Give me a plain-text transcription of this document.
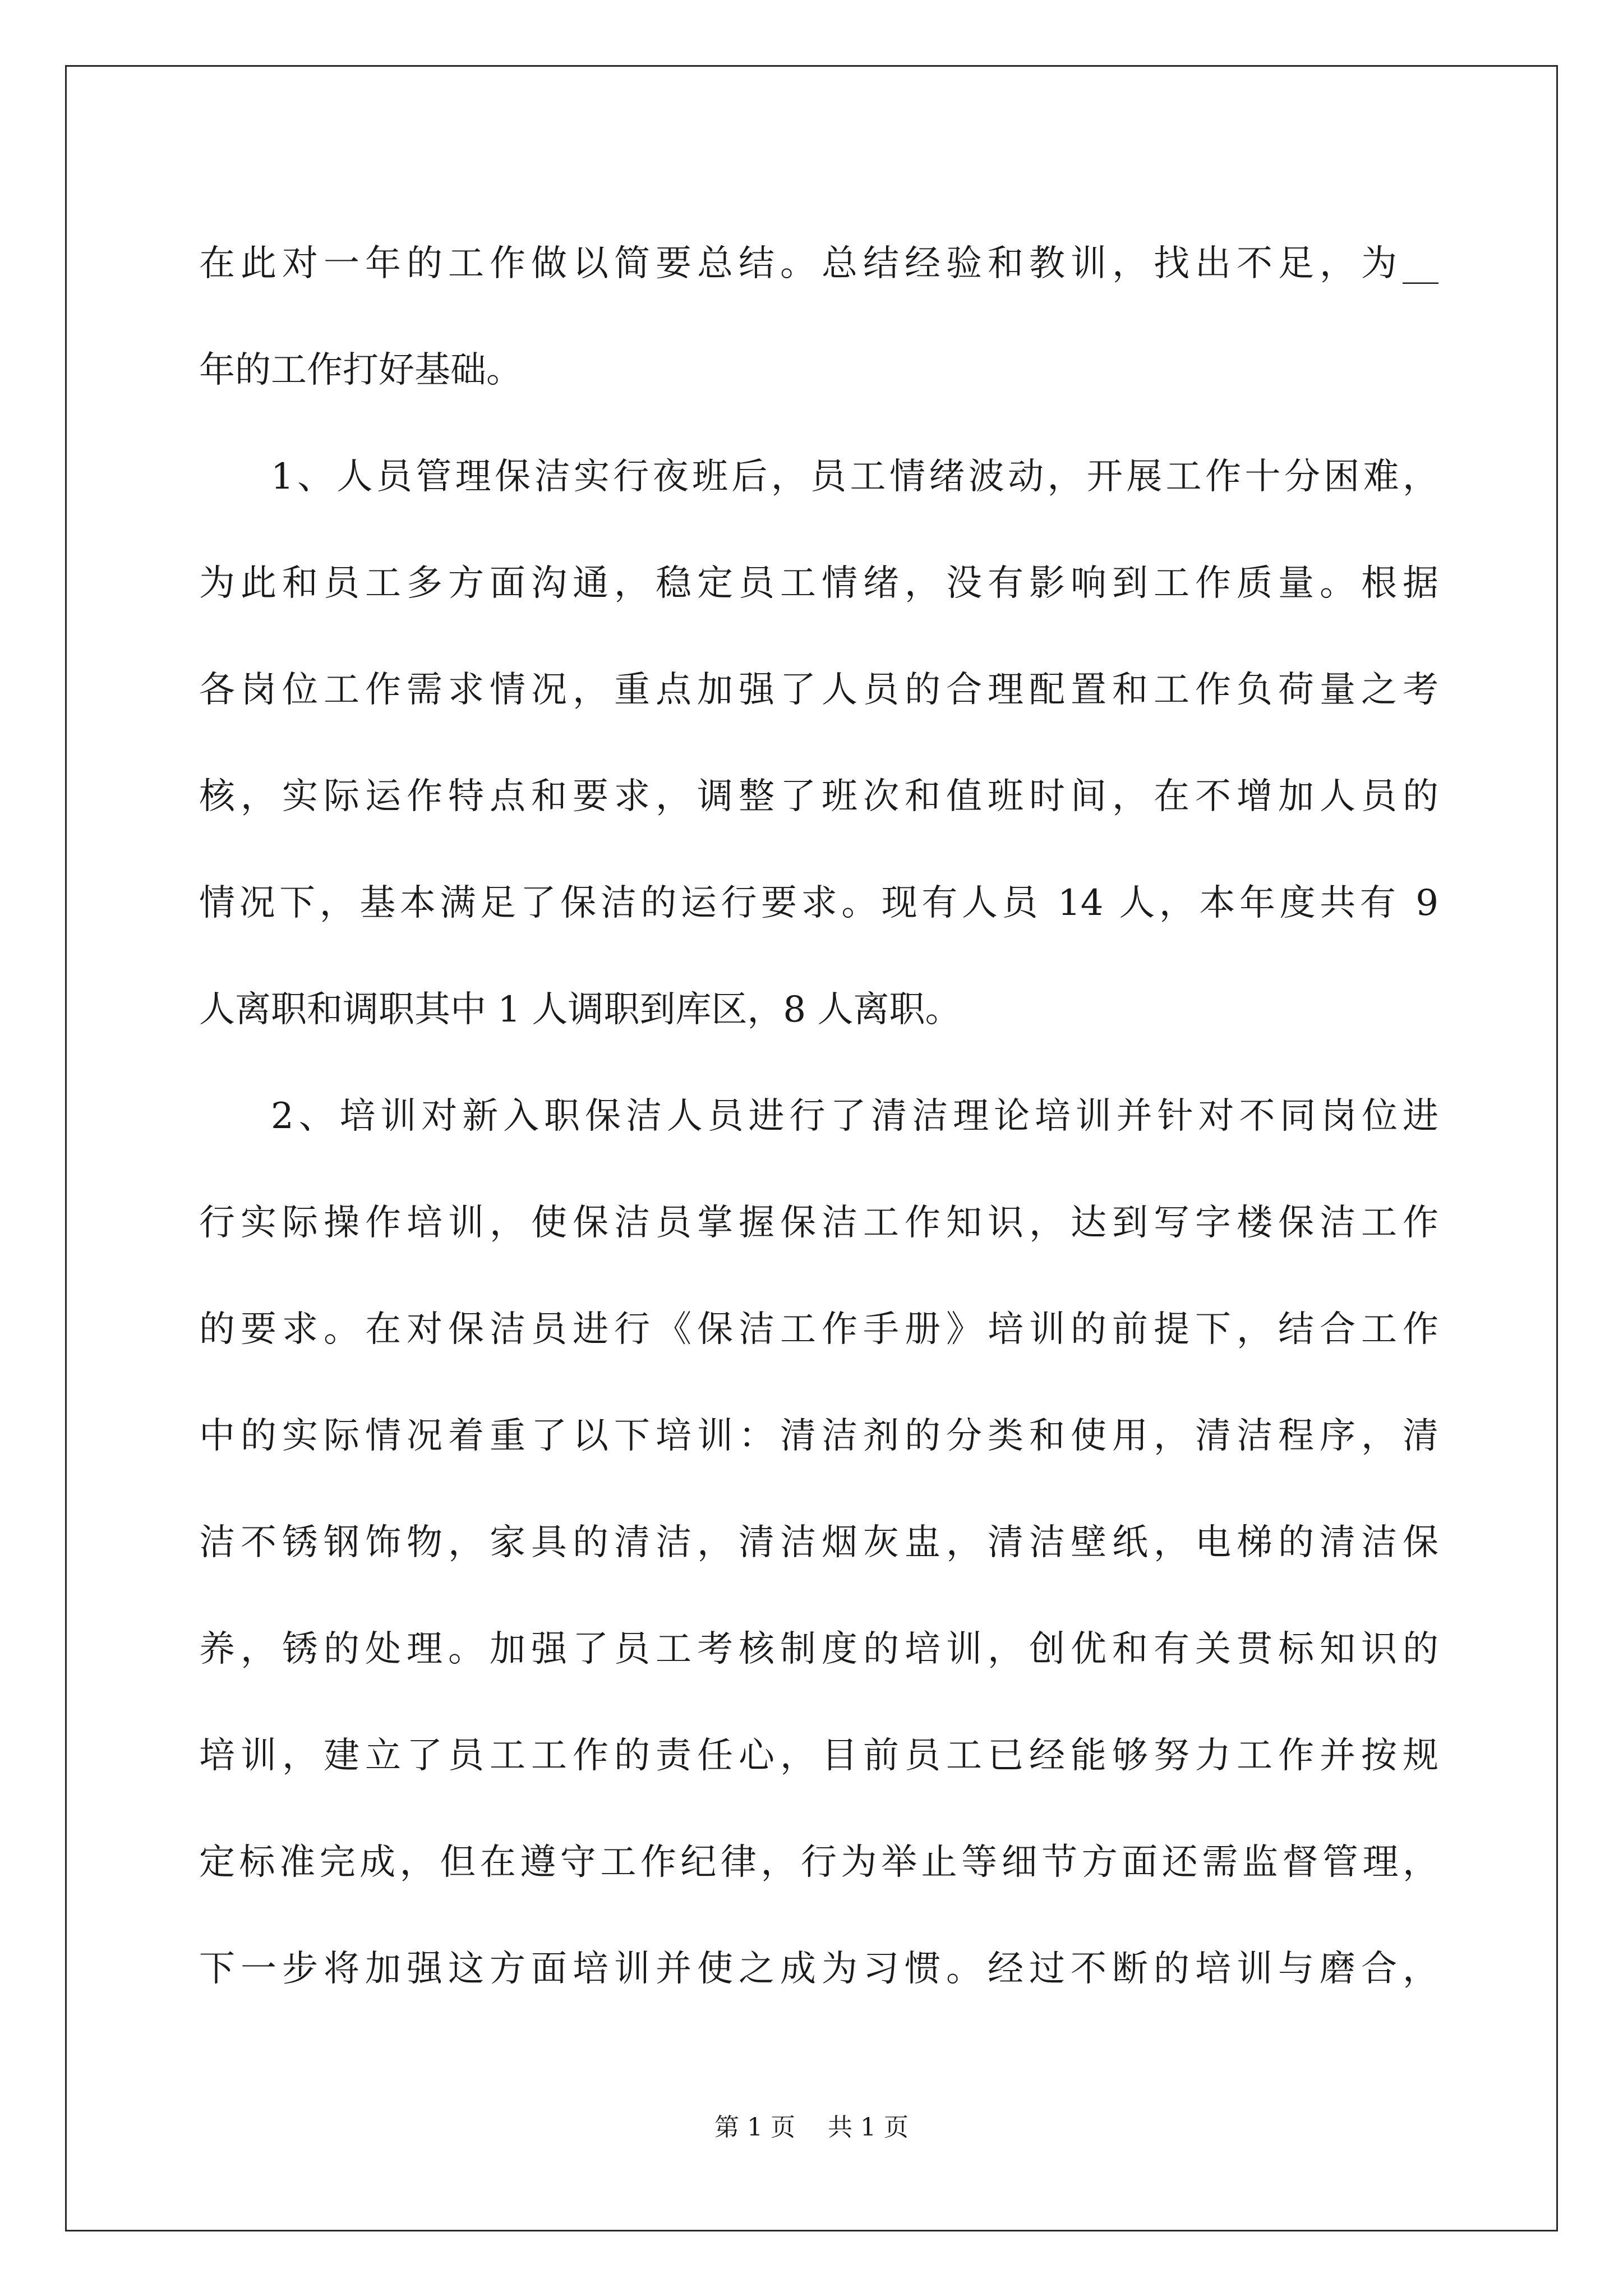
在此对一年的工作做以简要总结。总结经验和教训，找出不足，为__
年的工作打好基础。
1、人员管理保洁实行夜班后，员工情绪波动，开展工作十分困难，
为此和员工多方面沟通，稳定员工情绪，没有影响到工作质量。根据
各岗位工作需求情况，重点加强了人员的合理配置和工作负荷量之考
核，实际运作特点和要求，调整了班次和值班时间，在不增加人员的
情况下，基本满足了保洁的运行要求。现有人员 14 人，本年度共有 9
人离职和调职其中 1 人调职到库区，8 人离职。
2、培训对新入职保洁人员进行了清洁理论培训并针对不同岗位进
行实际操作培训，使保洁员掌握保洁工作知识，达到写字楼保洁工作
的要求。在对保洁员进行《保洁工作手册》培训的前提下，结合工作
中的实际情况着重了以下培训：清洁剂的分类和使用，清洁程序，清
洁不锈钢饰物，家具的清洁，清洁烟灰盅，清洁壁纸，电梯的清洁保
养，锈的处理。加强了员工考核制度的培训，创优和有关贯标知识的
培训，建立了员工工作的责任心，目前员工已经能够努力工作并按规
定标准完成，但在遵守工作纪律，行为举止等细节方面还需监督管理，
下一步将加强这方面培训并使之成为习惯。经过不断的培训与磨合，
第 1 页　 共 1 页
